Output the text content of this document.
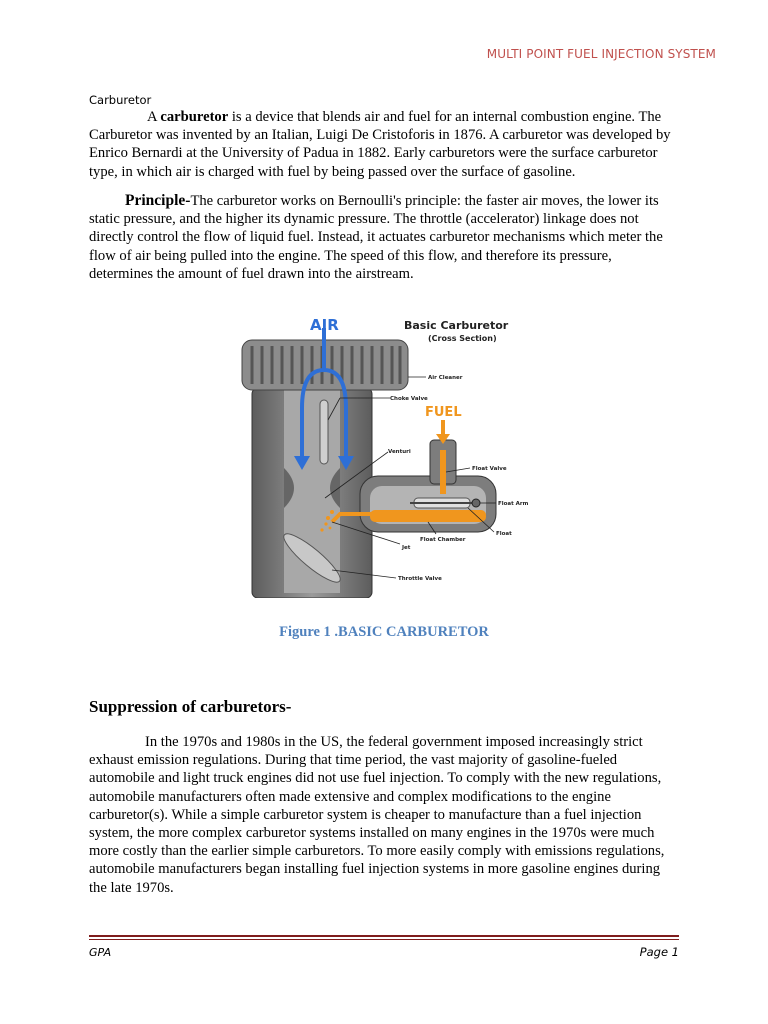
MULTI POINT FUEL INJECTION SYSTEM
Carburetor

A carburetor is a device that blends air and fuel for an internal combustion engine. The Carburetor was invented by an Italian, Luigi De Cristoforis in 1876. A carburetor was developed by Enrico Bernardi at the University of Padua in 1882. Early carburetors were the surface carburetor type, in which air is charged with fuel by being passed over the surface of gasoline.

Principle-The carburetor works on Bernoulli's principle: the faster air moves, the lower its static pressure, and the higher its dynamic pressure. The throttle (accelerator) linkage does not directly control the flow of liquid fuel. Instead, it actuates carburetor mechanisms which meter the flow of air being pulled into the engine. The speed of this flow, and therefore its pressure, determines the amount of fuel drawn into the airstream.

AIR	Basic Carburetor
(Cross Section)
FUEL
Air Cleaner
Choke Valve
Venturi
Float Valve
Float Arm
Float
Float Chamber
Jet
Throttle Valve
Figure 1 .BASIC CARBURETOR
Suppression of carburetors-

In the 1970s and 1980s in the US, the federal government imposed increasingly strict exhaust emission regulations. During that time period, the vast majority of gasoline-fueled automobile and light truck engines did not use fuel injection. To comply with the new regulations, automobile manufacturers often made extensive and complex modifications to the engine carburetor(s). While a simple carburetor system is cheaper to manufacture than a fuel injection system, the more complex carburetor systems installed on many engines in the 1970s were much more costly than the earlier simple carburetors. To more easily comply with emissions regulations, automobile manufacturers began installing fuel injection systems in more gasoline engines during the late 1970s.

GPA	Page 1
